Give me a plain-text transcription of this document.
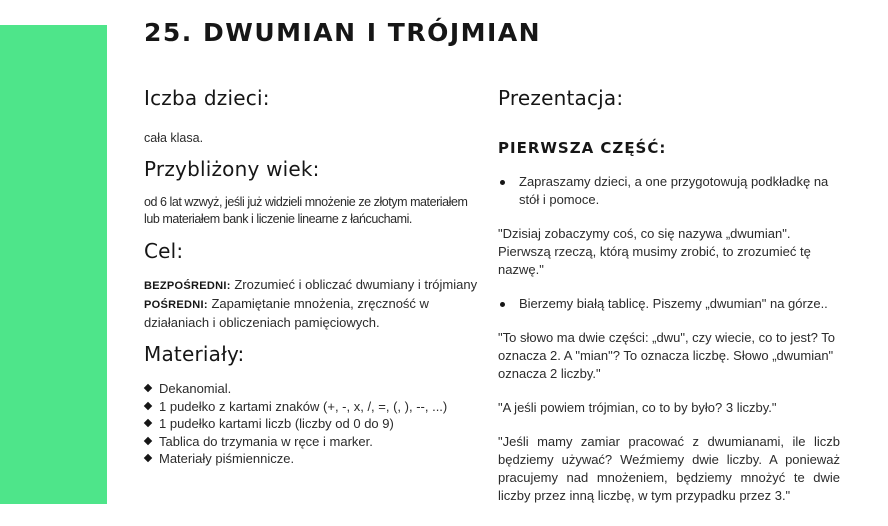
25. DWUMIAN I TRÓJMIAN
Iczba dzieci:

cała klasa.

Przybliżony wiek:

od 6 lat wzwyż, jeśli już widzieli mnożenie ze złotym materiałem lub materiałem bank i liczenie linearne z łańcuchami.

Cel:

BEZPOŚREDNI: Zrozumieć i obliczać dwumiany i trójmiany

POŚREDNI: Zapamiętanie mnożenia, zręczność w działaniach i obliczeniach pamięciowych.

Materiały:
Dekanomial.
1 pudełko z kartami znaków (+, -, x, /, =, (, ), --, ...)
1 pudełko kartami liczb (liczby od 0 do 9)
Tablica do trzymania w ręce i marker.
Materiały piśmiennicze.
Prezentacja:
PIERWSZA CZĘŚĆ:
Zapraszamy dzieci, a one przygotowują podkładkę na stół i pomoce.

"Dzisiaj zobaczymy coś, co się nazywa „dwumian". Pierwszą rzeczą, którą musimy zrobić, to zrozumieć tę nazwę."

Bierzemy białą tablicę. Piszemy „dwumian" na górze..

"To słowo ma dwie części: „dwu", czy wiecie, co to jest? To oznacza 2. A "mian"? To oznacza liczbę. Słowo „dwumian" oznacza 2 liczby."

"A jeśli powiem trójmian, co to by było? 3 liczby."

"Jeśli mamy zamiar pracować z dwumianami, ile liczb będziemy używać? Weźmiemy dwie liczby. A ponieważ pracujemy nad mnożeniem, będziemy mnożyć te dwie liczby przez inną liczbę, w tym przypadku przez 3."
